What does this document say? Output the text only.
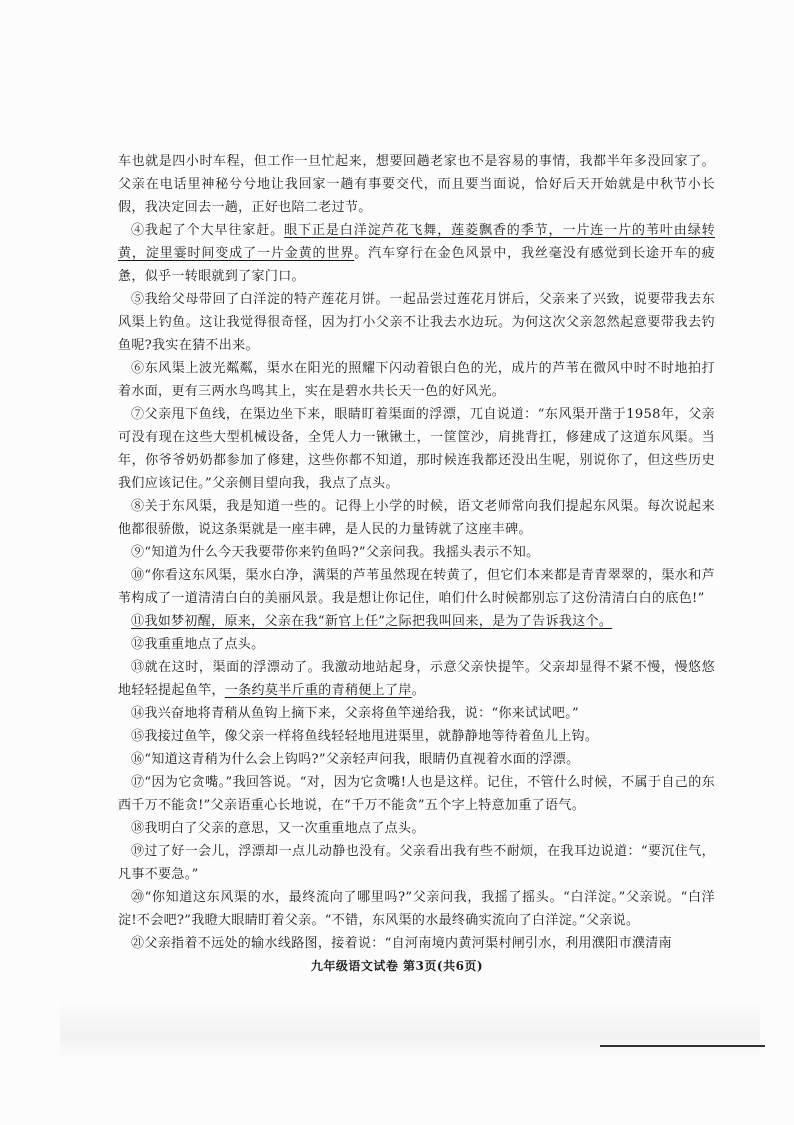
车也就是四小时车程，但工作一旦忙起来，想要回趟老家也不是容易的事情，我都半年多没回家了。父亲在电话里神秘兮兮地让我回家一趟有事要交代，而且要当面说，恰好后天开始就是中秋节小长假，我决定回去一趟，正好也陪二老过节。

④我起了个大早往家赶。眼下正是白洋淀芦花飞舞，莲菱飘香的季节，一片连一片的苇叶由绿转黄，淀里霎时间变成了一片金黄的世界。汽车穿行在金色风景中，我丝毫没有感觉到长途开车的疲惫，似乎一转眼就到了家门口。

⑤我给父母带回了白洋淀的特产莲花月饼。一起品尝过莲花月饼后，父亲来了兴致，说要带我去东风渠上钓鱼。这让我觉得很奇怪，因为打小父亲不让我去水边玩。为何这次父亲忽然起意要带我去钓鱼呢?我实在猜不出来。

⑥东风渠上波光粼粼，渠水在阳光的照耀下闪动着银白色的光，成片的芦苇在微风中时不时地拍打着水面，更有三两水鸟鸣其上，实在是碧水共长天一色的好风光。

⑦父亲甩下鱼线，在渠边坐下来，眼睛盯着渠面的浮漂，兀自说道：“东风渠开凿于1958年，父亲可没有现在这些大型机械设备，全凭人力一锹锹土，一筐筐沙，肩挑背扛，修建成了这道东风渠。当年，你爷爷奶奶都参加了修建，这些你都不知道，那时候连我都还没出生呢，别说你了，但这些历史我们应该记住。”父亲侧目望向我，我点了点头。

⑧关于东风渠，我是知道一些的。记得上小学的时候，语文老师常向我们提起东风渠。每次说起来他都很骄傲，说这条渠就是一座丰碑，是人民的力量铸就了这座丰碑。

⑨“知道为什么今天我要带你来钓鱼吗?”父亲问我。我摇头表示不知。

⑩“你看这东风渠，渠水白净，满渠的芦苇虽然现在转黄了，但它们本来都是青青翠翠的，渠水和芦苇构成了一道清清白白的美丽风景。我是想让你记住，咱们什么时候都别忘了这份清清白白的底色!”

⑪我如梦初醒，原来，父亲在我“新官上任”之际把我叫回来，是为了告诉我这个。

⑫我重重地点了点头。

⑬就在这时，渠面的浮漂动了。我激动地站起身，示意父亲快提竿。父亲却显得不紧不慢，慢悠悠地轻轻提起鱼竿，一条约莫半斤重的青稍便上了岸。

⑭我兴奋地将青稍从鱼钩上摘下来，父亲将鱼竿递给我，说：“你来试试吧。”

⑮我接过鱼竿，像父亲一样将鱼线轻轻地甩进渠里，就静静地等待着鱼儿上钩。

⑯“知道这青稍为什么会上钩吗?”父亲轻声问我，眼睛仍直视着水面的浮漂。

⑰“因为它贪嘴。”我回答说。“对，因为它贪嘴!人也是这样。记住，不管什么时候，不属于自己的东西千万不能贪!”父亲语重心长地说，在“千万不能贪”五个字上特意加重了语气。

⑱我明白了父亲的意思，又一次重重地点了点头。

⑲过了好一会儿，浮漂却一点儿动静也没有。父亲看出我有些不耐烦，在我耳边说道：“要沉住气，凡事不要急。”

⑳“你知道这东风渠的水，最终流向了哪里吗?”父亲问我，我摇了摇头。“白洋淀。”父亲说。“白洋淀!不会吧?”我瞪大眼睛盯着父亲。“不错，东风渠的水最终确实流向了白洋淀。”父亲说。

㉑父亲指着不远处的输水线路图，接着说：“自河南境内黄河渠村闸引水，利用濮阳市濮清南

九年级语文试卷 第3页(共6页)
